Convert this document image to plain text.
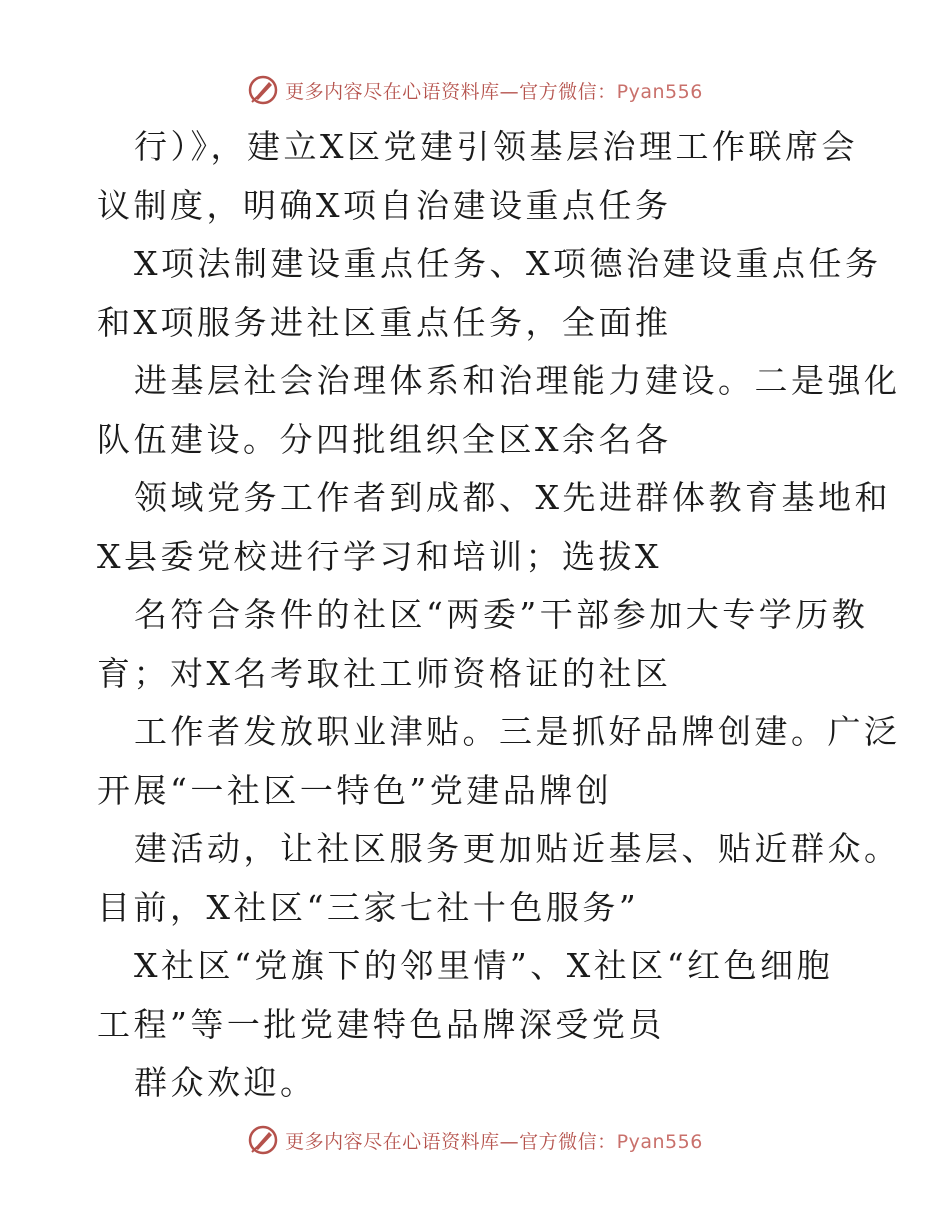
更多内容尽在心语资料库—官方微信：Pyan556
行）》，建立X区党建引领基层治理工作联席会
议制度，明确X项自治建设重点任务
X项法制建设重点任务、X项德治建设重点任务
和X项服务进社区重点任务，全面推
进基层社会治理体系和治理能力建设。二是强化
队伍建设。分四批组织全区X余名各
领域党务工作者到成都、X先进群体教育基地和
X县委党校进行学习和培训；选拔X
名符合条件的社区“两委”干部参加大专学历教
育；对X名考取社工师资格证的社区
工作者发放职业津贴。三是抓好品牌创建。广泛
开展“一社区一特色”党建品牌创
建活动，让社区服务更加贴近基层、贴近群众。
目前，X社区“三家七社十色服务”
X社区“党旗下的邻里情”、X社区“红色细胞
工程”等一批党建特色品牌深受党员
群众欢迎。
更多内容尽在心语资料库—官方微信：Pyan556
